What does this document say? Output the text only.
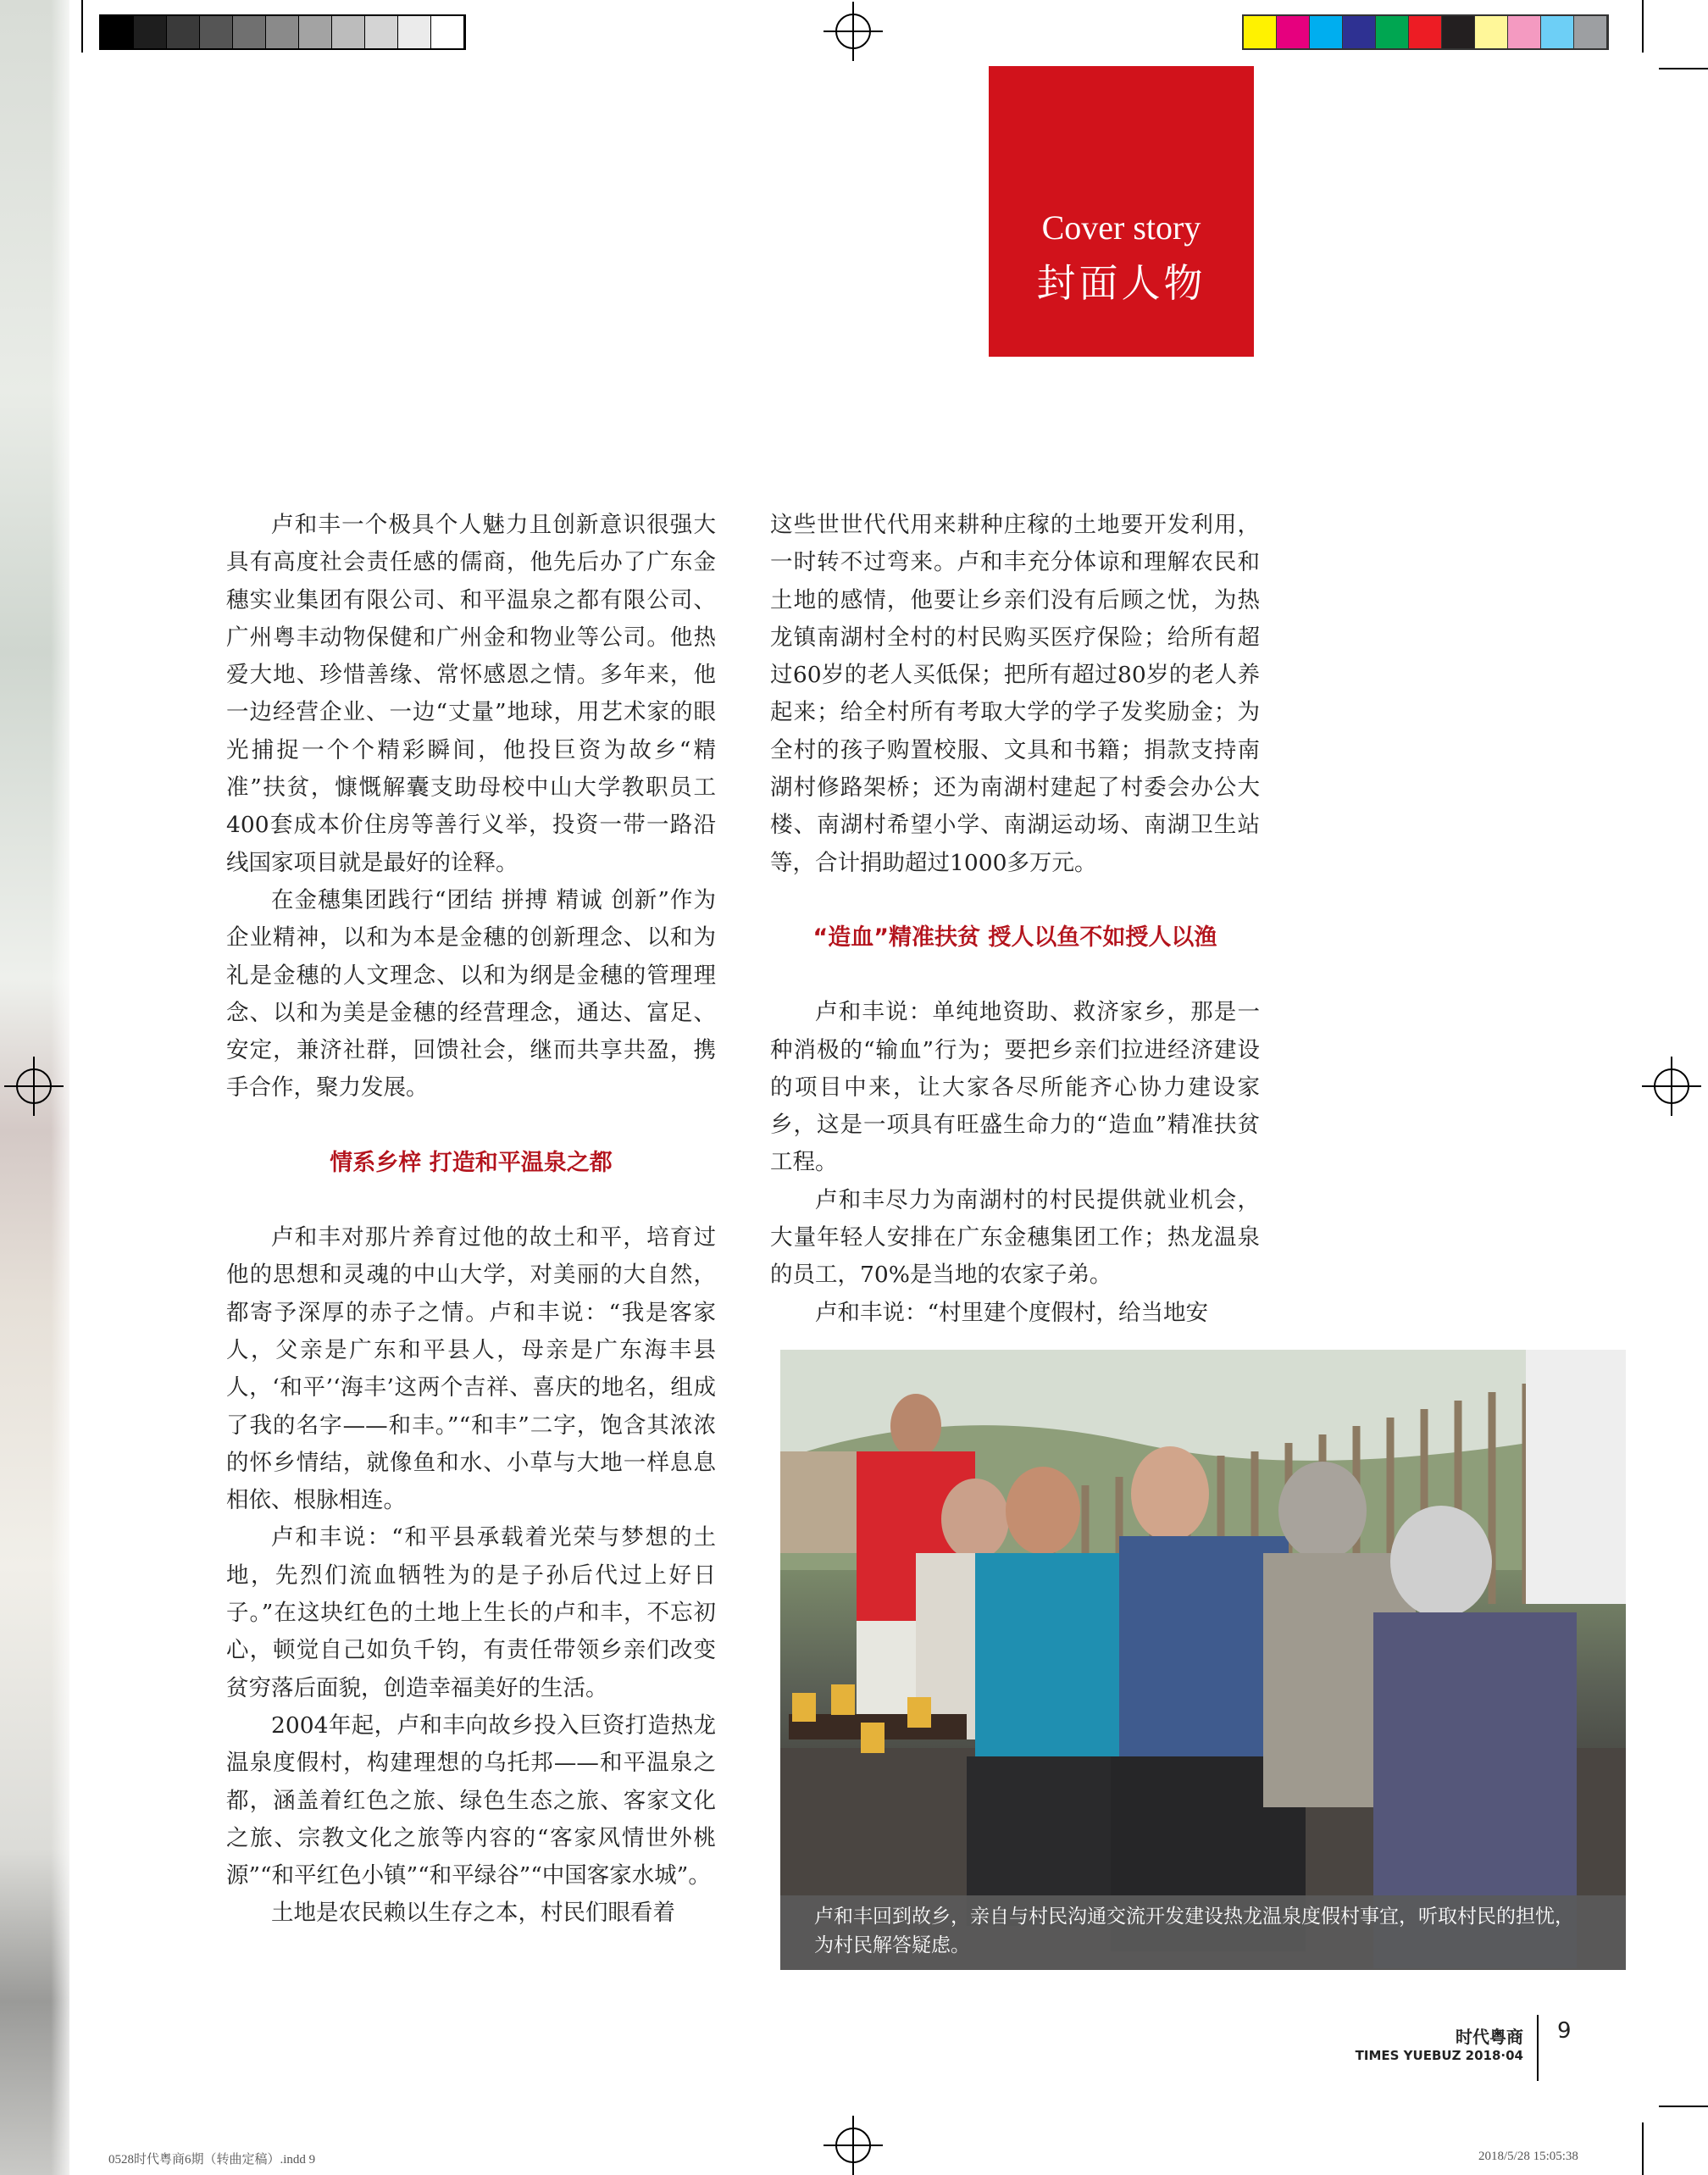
Cover story
封面人物

卢和丰一个极具个人魅力且创新意识很强大具有高度社会责任感的儒商，他先后办了广东金穗实业集团有限公司、和平温泉之都有限公司、广州粤丰动物保健和广州金和物业等公司。他热爱大地、珍惜善缘、常怀感恩之情。多年来，他一边经营企业、一边“丈量”地球，用艺术家的眼光捕捉一个个精彩瞬间，他投巨资为故乡“精准”扶贫，慷慨解囊支助母校中山大学教职员工400套成本价住房等善行义举，投资一带一路沿线国家项目就是最好的诠释。

在金穗集团践行“团结 拼搏 精诚 创新”作为企业精神，以和为本是金穗的创新理念、以和为礼是金穗的人文理念、以和为纲是金穗的管理理念、以和为美是金穗的经营理念，通达、富足、安定，兼济社群，回馈社会，继而共享共盈，携手合作，聚力发展。

情系乡梓 打造和平温泉之都

卢和丰对那片养育过他的故土和平，培育过他的思想和灵魂的中山大学，对美丽的大自然，都寄予深厚的赤子之情。卢和丰说：“我是客家人，父亲是广东和平县人，母亲是广东海丰县人，‘和平’‘海丰’这两个吉祥、喜庆的地名，组成了我的名字——和丰。”“和丰”二字，饱含其浓浓的怀乡情结，就像鱼和水、小草与大地一样息息相依、根脉相连。

卢和丰说：“和平县承载着光荣与梦想的土地，先烈们流血牺牲为的是子孙后代过上好日子。”在这块红色的土地上生长的卢和丰，不忘初心，顿觉自己如负千钧，有责任带领乡亲们改变贫穷落后面貌，创造幸福美好的生活。

2004年起，卢和丰向故乡投入巨资打造热龙温泉度假村，构建理想的乌托邦——和平温泉之都，涵盖着红色之旅、绿色生态之旅、客家文化之旅、宗教文化之旅等内容的“客家风情世外桃源”“和平红色小镇”“和平绿谷”“中国客家水城”。

土地是农民赖以生存之本，村民们眼看着

这些世世代代用来耕种庄稼的土地要开发利用，一时转不过弯来。卢和丰充分体谅和理解农民和土地的感情，他要让乡亲们没有后顾之忧，为热龙镇南湖村全村的村民购买医疗保险；给所有超过60岁的老人买低保；把所有超过80岁的老人养起来；给全村所有考取大学的学子发奖励金；为全村的孩子购置校服、文具和书籍；捐款支持南湖村修路架桥；还为南湖村建起了村委会办公大楼、南湖村希望小学、南湖运动场、南湖卫生站等，合计捐助超过1000多万元。

“造血”精准扶贫 授人以鱼不如授人以渔

卢和丰说：单纯地资助、救济家乡，那是一种消极的“输血”行为；要把乡亲们拉进经济建设的项目中来，让大家各尽所能齐心协力建设家乡，这是一项具有旺盛生命力的“造血”精准扶贫工程。

卢和丰尽力为南湖村的村民提供就业机会，大量年轻人安排在广东金穗集团工作；热龙温泉的员工，70%是当地的农家子弟。

卢和丰说：“村里建个度假村，给当地安

卢和丰回到故乡，亲自与村民沟通交流开发建设热龙温泉度假村事宜，听取村民的担忧，为村民解答疑虑。
时代粤商
TIMES YUEBUZ 2018·04
9
0528时代粤商6期（转曲定稿）.indd 9	2018/5/28 15:05:38
